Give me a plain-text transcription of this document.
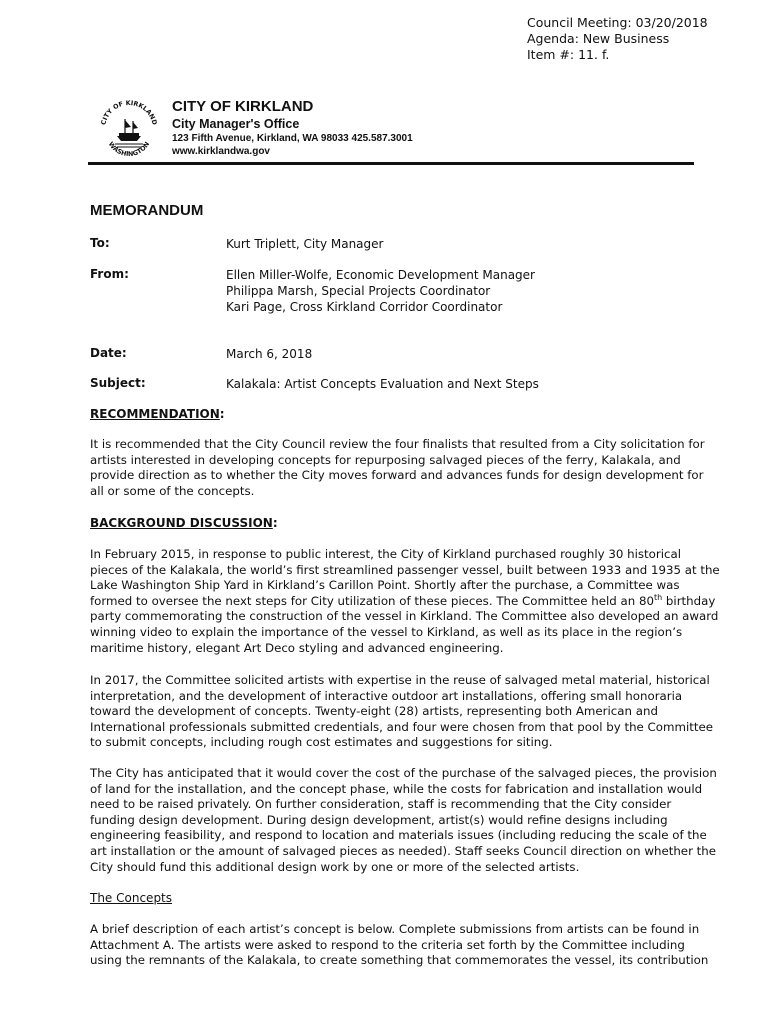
Council Meeting: 03/20/2018
Agenda: New Business
Item #: 11. f.
CITY OF KIRKLAND
WASHINGTON
CITY OF KIRKLAND
City Manager's Office
123 Fifth Avenue, Kirkland, WA 98033 425.587.3001
www.kirklandwa.gov
MEMORANDUM
To:	Kurt Triplett, City Manager
From:	Ellen Miller-Wolfe, Economic Development Manager
Philippa Marsh, Special Projects Coordinator
Kari Page, Cross Kirkland Corridor Coordinator
Date:	March 6, 2018
Subject:	Kalakala: Artist Concepts Evaluation and Next Steps
RECOMMENDATION:
It is recommended that the City Council review the four finalists that resulted from a City solicitation for
artists interested in developing concepts for repurposing salvaged pieces of the ferry, Kalakala, and
provide direction as to whether the City moves forward and advances funds for design development for
all or some of the concepts.
BACKGROUND DISCUSSION:
In February 2015, in response to public interest, the City of Kirkland purchased roughly 30 historical
pieces of the Kalakala, the world’s first streamlined passenger vessel, built between 1933 and 1935 at the
Lake Washington Ship Yard in Kirkland’s Carillon Point. Shortly after the purchase, a Committee was
formed to oversee the next steps for City utilization of these pieces. The Committee held an 80th birthday
party commemorating the construction of the vessel in Kirkland. The Committee also developed an award
winning video to explain the importance of the vessel to Kirkland, as well as its place in the region’s
maritime history, elegant Art Deco styling and advanced engineering.
In 2017, the Committee solicited artists with expertise in the reuse of salvaged metal material, historical
interpretation, and the development of interactive outdoor art installations, offering small honoraria
toward the development of concepts. Twenty-eight (28) artists, representing both American and
International professionals submitted credentials, and four were chosen from that pool by the Committee
to submit concepts, including rough cost estimates and suggestions for siting.
The City has anticipated that it would cover the cost of the purchase of the salvaged pieces, the provision
of land for the installation, and the concept phase, while the costs for fabrication and installation would
need to be raised privately. On further consideration, staff is recommending that the City consider
funding design development. During design development, artist(s) would refine designs including
engineering feasibility, and respond to location and materials issues (including reducing the scale of the
art installation or the amount of salvaged pieces as needed). Staff seeks Council direction on whether the
City should fund this additional design work by one or more of the selected artists.
The Concepts
A brief description of each artist’s concept is below. Complete submissions from artists can be found in
Attachment A. The artists were asked to respond to the criteria set forth by the Committee including
using the remnants of the Kalakala, to create something that commemorates the vessel, its contribution
